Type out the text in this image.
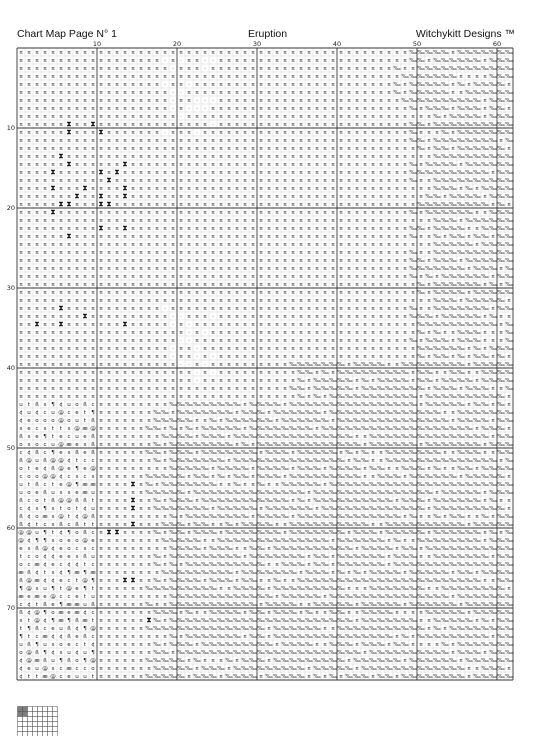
Chart Map Page N° 1	Eruption	Witchykitt Designs ™
¤ ¤ ¤ ¤ ¤ ¤ ¤ ¤ ¤ ¤ ¤ ¤ ¤ ¤ ¤ ¤ ¤ ¤ ¤ ¤ ¤ ¤ ¤ ¤ ¤ ¤ ¤ ¤ ¤ ¤ ¤ ¤ ¤ ¤ ¤ ¤ ¤ ¤ ¤ ¤ ¤ ¤ ¤ ¤ ¤ ¤ ¤ ¤ ¤ ‰ ‰ ‰ ‰ ‰ ¤ ‰ ‰ ‰ ‰ ‰ ‰ ‰
¤ ¤ ¤ ¤ ¤ ¤ ¤ ¤ ¤ ¤ ¤ ¤ ¤ ¤ ¤ ¤ ¤ ¤ · ¤ · ¤ ¤ · · ¤ ¤ ¤ ¤ ¤ ¤ ¤ ¤ ¤ ¤ ¤ ¤ ¤ ¤ ¤ ¤ ¤ ¤ ¤ ¤ ¤ ¤ ¤ ¤ ‰ ‰ ¤ ‰ ‰ ‰ ‰ ‰ ‰ ¤ ‰ ‰ ‰
¤ ¤ ¤ ¤ ¤ ¤ ¤ ¤ ¤ ¤ ¤ ¤ ¤ ¤ ¤ ¤ ¤ ¤ ¤ · ¤ ¤ ¤ · ¤ ¤ ¤ ¤ ¤ ¤ ¤ ¤ ¤ ¤ ¤ ¤ ¤ ¤ ¤ ¤ ¤ ¤ ¤ ¤ ¤ ¤ ¤ ‰ ¤ ¤ ‰ ‰ ‰ ‰ ‰ ‰ ‰ ‰ ‰ ‰ ‰ ‰
¤ ¤ ¤ ¤ ¤ ¤ ¤ ¤ ¤ ¤ ¤ ¤ ¤ ¤ ¤ ¤ ¤ ¤ ¤ ¤ ¤ ¤ ¤ ¤ ¤ ¤ ¤ ¤ ¤ ¤ ¤ ¤ ¤ ¤ ¤ ¤ ¤ ¤ ¤ ¤ ¤ ¤ ¤ ¤ ¤ ¤ ¤ ¤ ‰ ‰ ‰ ‰ ‰ ‰ ‰ ¤ ¤ ¤ ¤ ‰ ‰ ‰
¤ ¤ ¤ ¤ ¤ ¤ ¤ ¤ ¤ ¤ ¤ ¤ ¤ ¤ ¤ ¤ ¤ ¤ · ¤ ¤ · ¤ ¤ ¤ ¤ ¤ ¤ ¤ ¤ ¤ ¤ ¤ ¤ ¤ ¤ ¤ ¤ ¤ ¤ ¤ ¤ ¤ ¤ ¤ ¤ ¤ ‰ ¤ ‰ ‰ ‰ ‰ ‰ ¤ ‰ ¤ ‰ ‰ ‰ ‰ ¤
¤ ¤ ¤ ¤ ¤ ¤ ¤ ¤ ¤ ¤ ¤ ¤ ¤ ¤ ¤ ¤ ¤ ¤ ¤ · · ¤ ¤ ¤ ¤ ¤ ¤ ¤ ¤ ¤ ¤ ¤ ¤ ¤ ¤ ¤ ¤ ¤ ¤ ¤ ¤ ¤ ¤ ¤ ¤ ¤ ¤ ‰ ¤ ‰ ‰ ‰ ‰ ‰ ¤ ¤ ‰ ‰ ‰ ‰ ‰ ‰
¤ ¤ ¤ ¤ ¤ ¤ ¤ ¤ ¤ ¤ ¤ ¤ ¤ ¤ ¤ ¤ ¤ ¤ ¤ · ¤ ¤ · · · ¤ ¤ ¤ ¤ ¤ ¤ ¤ ¤ ¤ ¤ ¤ ¤ ¤ ¤ ¤ ¤ ¤ ¤ ¤ ¤ ¤ ¤ ¤ ‰ ‰ ‰ ‰ ‰ ‰ ‰ ‰ ‰ ‰ ¤ ‰ ‰ ‰
¤ ¤ ¤ ¤ ¤ ¤ ¤ ¤ ¤ ¤ ¤ ¤ ¤ ¤ ¤ ¤ ¤ ¤ ¤ · ¤ · · · ¤ ¤ ¤ ¤ ¤ ¤ ¤ ¤ ¤ ¤ ¤ ¤ ¤ ¤ ¤ ¤ ¤ ¤ ¤ ¤ ¤ ¤ ¤ ¤ ¤ ‰ ¤ ‰ ‰ ‰ ¤ ‰ ‰ ‰ ¤ ‰ ‰ ¤
¤ ¤ ¤ ¤ ¤ ¤ ¤ ¤ ¤ ¤ ¤ ¤ ¤ ¤ ¤ ¤ ¤ ¤ ¤ ¤ · ¤ ¤ ¤ ¤ ¤ ¤ ¤ ¤ ¤ ¤ ¤ ¤ ¤ ¤ ¤ ¤ ¤ ¤ ¤ ¤ ¤ ¤ ¤ ¤ ¤ ¤ ¤ ¤ ¤ ¤ ¤ ‰ ¤ ‰ ‰ ‰ ‰ ¤ ‰ ‰ ‰
¤ ¤ ¤ ¤ ¤ ¤ ⧗ ¤ ¤ ⧗ ¤ ¤ ¤ ¤ ¤ ¤ ¤ ¤ ¤ ¤ ¤ ¤ ¤ ¤ · ¤ ¤ ¤ ¤ ¤ ¤ ¤ ¤ ¤ ¤ ¤ ¤ ¤ ¤ ¤ ¤ ¤ ¤ ¤ ¤ ¤ ¤ ¤ ¤ ‰ ‰ ¤ ‰ ‰ ‰ ‰ ‰ ‰ ‰ ‰ ‰ ‰
¤ ¤ ¤ ¤ ¤ ¤ ⧗ ¤ ¤ ¤ ⧗ ¤ ¤ ¤ ¤ ¤ ¤ ¤ · ¤ ¤ ¤ · ¤ ¤ ¤ ¤ ¤ ¤ ¤ ¤ ¤ ¤ ¤ ¤ ¤ ¤ ¤ ¤ ¤ ¤ ¤ ¤ ¤ ¤ ¤ ¤ ¤ ¤ ‰ ¤ ¤ ¤ ‰ ¤ ‰ ‰ ‰ ‰ ‰ ‰ ‰
¤ ¤ ¤ ¤ ¤ ¤ ¤ ¤ ¤ ¤ ¤ ¤ ¤ ¤ ¤ ¤ ¤ ¤ ¤ ¤ ¤ ¤ ¤ ¤ ¤ ¤ ¤ ¤ ¤ ¤ ¤ ¤ ¤ ¤ ¤ ¤ ¤ ¤ ¤ ¤ ¤ ¤ ¤ ¤ ¤ ¤ ¤ ¤ ¤ ‰ ‰ ¤ ‰ ‰ ‰ ‰ ‰ ‰ ‰ ‰ ¤ ‰
¤ ¤ ¤ ¤ ¤ ¤ ¤ ¤ ¤ ¤ ¤ ¤ ¤ ¤ ¤ ¤ ¤ ¤ ¤ ¤ ¤ ¤ ¤ ¤ ¤ ¤ ¤ ¤ ¤ ¤ ¤ ¤ ¤ ¤ ¤ ¤ ¤ ¤ ¤ ¤ ¤ ¤ ¤ ¤ ¤ ¤ ¤ ¤ ¤ ¤ ‰ ¤ ‰ ‰ ¤ ‰ ‰ ‰ ‰ ‰ ‰ ¤
¤ ¤ ¤ ¤ ¤ ⧗ ¤ ¤ ¤ ¤ ¤ ¤ ¤ ¤ ¤ ¤ ¤ ¤ ¤ ¤ ¤ ¤ ¤ ¤ ¤ ¤ ¤ ¤ ¤ ¤ ¤ ¤ ¤ ¤ ¤ ¤ ¤ ¤ ¤ ¤ ¤ ¤ ¤ ¤ ¤ ¤ ¤ ¤ ¤ ¤ ¤ ¤ ‰ ‰ ‰ ‰ ‰ ‰ ‰ ‰ ‰ ‰
¤ ¤ ¤ ¤ ¤ ¤ ⧗ ¤ ¤ ¤ ¤ ¤ ¤ ⧗ ¤ ¤ ¤ ¤ ¤ ¤ ¤ ¤ ¤ ¤ ¤ ¤ ¤ ¤ ¤ ¤ ¤ ¤ ¤ ¤ ¤ ¤ ¤ ¤ ¤ ¤ ¤ ¤ ¤ ¤ ¤ ¤ ¤ ¤ ¤ ‰ ¤ ‰ ‰ ‰ ‰ ¤ ‰ ‰ ‰ ‰ ‰ ‰
¤ ¤ ¤ ¤ ⧗ ¤ ¤ ¤ ¤ ¤ ⧗ ¤ ⧗ ¤ ¤ ¤ ¤ ¤ ¤ ¤ ¤ ¤ ¤ ¤ ¤ ¤ ¤ ¤ ¤ ¤ ¤ ¤ ¤ ¤ ¤ ¤ ¤ ¤ ¤ ¤ ¤ ¤ ¤ ¤ ¤ ¤ ¤ ¤ ¤ ‰ ‰ ‰ ‰ ‰ ‰ ‰ ‰ ‰ ‰ ¤ ‰ ‰
¤ ¤ ¤ ¤ ¤ ¤ ¤ ¤ ¤ ¤ ¤ ⧗ ¤ ¤ ¤ ¤ ¤ ¤ ¤ ¤ ¤ ¤ ¤ ¤ ¤ ¤ ¤ ¤ ¤ ¤ ¤ ¤ ¤ ¤ ¤ ¤ ¤ ¤ ¤ ¤ ¤ ¤ ¤ ¤ ¤ ¤ ¤ ¤ ¤ ‰ ¤ ¤ ‰ ‰ ‰ ‰ ‰ ‰ ‰ ‰ ‰ ‰
¤ ¤ ¤ ¤ ⧗ ¤ ¤ ¤ ⧗ ¤ ¤ ¤ ¤ ⧗ ¤ ¤ ¤ ¤ ¤ ¤ ¤ ¤ ¤ ¤ ¤ ¤ ¤ ¤ ¤ ¤ ¤ ¤ ¤ ¤ ¤ ¤ ¤ ¤ ¤ ¤ ¤ ¤ ¤ ¤ ¤ ¤ ¤ ¤ ¤ ¤ ¤ ¤ ‰ ‰ ‰ ¤ ‰ ¤ ‰ ‰ ‰ ‰
¤ ¤ ¤ ¤ ¤ ¤ ¤ ⧗ ¤ ¤ ⧗ ¤ ¤ ⧗ ¤ ¤ ¤ ¤ ¤ ¤ ¤ ¤ ¤ ¤ ¤ ¤ ¤ ¤ ¤ ¤ ¤ ¤ ¤ ¤ ¤ ¤ ¤ ¤ ¤ ¤ ¤ ¤ ¤ ¤ ¤ ¤ ¤ ¤ ¤ ¤ ¤ ‰ ‰ ¤ ‰ ‰ ‰ ‰ ¤ ‰ ‰ ‰
¤ ¤ ¤ ¤ ¤ ⧗ ⧗ ¤ ¤ ¤ ⧗ ⧗ ¤ ¤ ¤ ¤ ¤ ¤ ¤ ¤ ¤ ¤ ¤ ¤ ¤ ¤ ¤ ¤ ¤ ¤ ¤ ¤ ¤ ¤ ¤ ¤ ¤ ¤ ¤ ¤ ¤ ¤ ¤ ¤ ¤ ¤ ¤ ¤ ¤ ¤ ‰ ‰ ‰ ‰ ‰ ‰ ‰ ‰ ‰ ¤ ‰ ¤
¤ ¤ ¤ ¤ ⧗ ¤ ¤ ¤ ¤ ¤ ¤ ¤ ¤ ¤ ¤ ¤ ¤ ¤ ¤ ¤ ¤ ¤ ¤ ¤ ¤ ¤ ¤ ¤ ¤ ¤ ¤ ¤ ¤ ¤ ¤ ¤ ¤ ¤ ¤ ¤ ¤ ¤ ¤ ¤ ¤ ¤ ¤ ¤ ¤ ‰ ¤ ‰ ‰ ‰ ‰ ‰ ‰ ¤ ¤ ‰ ‰ ‰
¤ ¤ ¤ ¤ ¤ ¤ ¤ ¤ ¤ ¤ ¤ ¤ ¤ ¤ ¤ ¤ ¤ ¤ ¤ ¤ ¤ ¤ ¤ ¤ ¤ ¤ ¤ ¤ ¤ ¤ ¤ ¤ ¤ ¤ ¤ ¤ ¤ ¤ ¤ ¤ ¤ ¤ ¤ ¤ ¤ ¤ ¤ ¤ ¤ ¤ ¤ ¤ ‰ ‰ ‰ ¤ ‰ ‰ ‰ ‰ ‰ ‰
¤ ¤ ¤ ¤ ¤ ¤ ¤ ¤ ¤ ¤ ⧗ ¤ ¤ ⧗ ¤ ¤ ¤ ¤ ¤ ¤ ¤ ¤ ¤ ¤ ¤ ¤ ¤ ¤ ¤ ¤ ¤ ¤ ¤ ¤ ¤ ¤ ¤ ¤ ¤ ¤ ¤ ¤ ¤ ¤ ¤ ¤ ¤ ¤ ¤ ‰ ‰ ¤ ‰ ‰ ‰ ‰ ¤ ¤ ‰ ‰ ‰ ‰
¤ ¤ ¤ ¤ ¤ ¤ ⧗ ¤ ¤ ¤ ¤ ¤ ¤ ¤ ¤ ¤ ¤ ¤ ¤ ¤ ¤ ¤ ¤ ¤ ¤ ¤ ¤ ¤ ¤ ¤ ¤ ¤ ¤ ¤ ¤ ¤ ¤ ¤ ¤ ¤ ¤ ¤ ¤ ¤ ¤ ¤ ¤ ¤ ¤ ‰ ¤ ¤ ‰ ¤ ‰ ‰ ¤ ‰ ‰ ¤ ‰ ‰
¤ ¤ ¤ ¤ ¤ ¤ ¤ ¤ ¤ ¤ ¤ ¤ ¤ ¤ ¤ ¤ ¤ ¤ ¤ ¤ ¤ ¤ ¤ ¤ ¤ ¤ ¤ ¤ ¤ ¤ ¤ ¤ ¤ ¤ ¤ ¤ ¤ ¤ ¤ ¤ ¤ ¤ ¤ ¤ ¤ ¤ ¤ ¤ ¤ ¤ ¤ ¤ ‰ ‰ ‰ ‰ ‰ ¤ ‰ ‰ ‰ ‰
¤ ¤ ¤ ¤ ¤ ¤ ¤ ¤ ¤ ¤ ¤ ¤ ¤ ¤ ¤ ¤ ¤ ¤ ¤ ¤ ¤ ¤ ¤ ¤ ¤ ¤ ¤ ¤ ¤ ¤ ¤ ¤ ¤ ¤ ¤ ¤ ¤ ¤ ¤ ¤ ¤ ¤ ¤ ¤ ¤ ¤ ¤ ¤ ¤ ‰ ¤ ¤ ‰ ‰ ‰ ‰ ‰ ‰ ‰ ‰ ‰ ‰
¤ ¤ ¤ ¤ ¤ ¤ ¤ ¤ ¤ ¤ ¤ ¤ ¤ ¤ ¤ ¤ ¤ ¤ ¤ ¤ ¤ ¤ ¤ ¤ ¤ ¤ ¤ ¤ ¤ ¤ ¤ ¤ ¤ ¤ ¤ ¤ ¤ ¤ ¤ ¤ ¤ ¤ ¤ ¤ ¤ ¤ ¤ ¤ ¤ ‰ ‰ ¤ ‰ ‰ ‰ ¤ ‰ ‰ ‰ ‰ ‰ ‰
¤ ¤ ¤ ¤ ¤ ¤ ¤ ¤ ¤ ¤ ¤ ¤ ¤ ¤ ¤ ¤ ¤ ¤ ¤ ¤ ¤ ¤ ¤ ¤ ¤ ¤ ¤ ¤ ¤ ¤ ¤ ¤ ¤ ¤ ¤ ¤ ¤ ¤ ¤ ¤ ¤ ¤ ¤ ¤ ¤ ¤ ¤ ¤ ¤ ‰ ‰ ‰ ‰ ‰ ‰ ‰ ¤ ‰ ‰ ‰ ¤ ‰
¤ ¤ ¤ ¤ ¤ ¤ ¤ ¤ ¤ ¤ ¤ ¤ ¤ ¤ ¤ ¤ ¤ ¤ ¤ ¤ ¤ ¤ ¤ ¤ ¤ ¤ ¤ ¤ ¤ ¤ ¤ ¤ ¤ ¤ ¤ ¤ ¤ ¤ ¤ ¤ ¤ ¤ ¤ ¤ ¤ ¤ ¤ ¤ ¤ ‰ ¤ ‰ ¤ ‰ ‰ ‰ ‰ ‰ ‰ ¤ ‰ ‰
¤ ¤ ¤ ¤ ¤ ¤ ¤ ¤ ¤ ¤ ¤ ¤ ¤ ¤ ¤ ¤ ¤ ¤ ¤ ¤ ¤ ¤ ¤ ¤ ¤ ¤ ¤ ¤ ¤ ¤ ¤ ¤ ¤ ¤ ¤ ¤ ¤ ¤ ¤ ¤ ¤ ¤ ¤ ¤ ¤ ¤ ¤ ¤ ¤ ¤ ‰ ¤ ‰ ‰ ‰ ‰ ‰ ‰ ¤ ‰ ¤ ‰
¤ ¤ ¤ ¤ ¤ ¤ ¤ ¤ ¤ ¤ ¤ ¤ ¤ ¤ ¤ ¤ ¤ ¤ ¤ ¤ ¤ ¤ ¤ ¤ ¤ ¤ ¤ ¤ ¤ ¤ ¤ ¤ ¤ ¤ ¤ ¤ ¤ ¤ ¤ ¤ ¤ ¤ ¤ ¤ ¤ ¤ ¤ ¤ ¤ ¤ ‰ ¤ ‰ ‰ ‰ ‰ ¤ ‰ ‰ ‰ ‰ ‰
¤ ¤ ¤ ¤ ¤ ¤ ¤ ¤ ¤ ¤ ¤ ¤ ¤ ¤ ¤ ¤ ¤ ¤ ¤ ¤ ¤ ¤ ¤ ¤ ¤ ¤ ¤ ¤ ¤ ¤ ¤ ¤ ¤ ¤ ¤ ¤ ¤ ¤ ¤ ¤ ¤ ¤ ¤ ¤ ¤ ¤ ¤ ¤ ¤ ¤ ¤ ¤ ‰ ‰ ‰ ¤ ‰ ‰ ‰ ‰ ‰ ¤
¤ ¤ ¤ ¤ ¤ ⧗ ¤ ¤ ¤ ¤ ¤ ¤ ¤ ¤ ¤ ¤ ¤ ¤ · ¤ ¤ ¤ ¤ ¤ ¤ ¤ ¤ ¤ ¤ ¤ ¤ ¤ ¤ ¤ ¤ ¤ ¤ ¤ ¤ ¤ ¤ ¤ ¤ ¤ ¤ ¤ ¤ ¤ ¤ ‰ ¤ ¤ ‰ ‰ ‰ ‰ ‰ ‰ ‰ ¤ ‰ ‰
¤ ¤ ¤ ¤ ¤ ¤ ¤ ¤ ⧗ ¤ ¤ ¤ ¤ ¤ ¤ ¤ ¤ ¤ ¤ · · ¤ ¤ ¤ · ¤ ¤ ¤ ¤ ¤ ¤ ¤ ¤ ¤ ¤ ¤ ¤ ¤ ¤ ¤ ¤ ¤ ¤ ¤ ¤ ¤ ¤ ¤ ¤ ‰ ‰ ‰ ¤ ‰ ‰ ‰ ‰ ‰ ¤ ‰ ¤ ¤
¤ ¤ ⧗ ¤ ¤ ⧗ ¤ ¤ ¤ ¤ ¤ ¤ ¤ ⧗ ¤ ¤ ¤ ¤ ¤ · ¤ · ¤ ¤ ¤ ¤ ¤ ¤ ¤ ¤ ¤ ¤ ¤ ¤ ¤ ¤ ¤ ¤ ¤ ¤ ¤ ¤ ¤ ¤ ¤ ¤ ¤ ¤ ¤ ¤ ‰ ‰ ‰ ‰ ‰ ‰ ‰ ‰ ‰ ‰ ¤ ‰
¤ ¤ ¤ ¤ ¤ ¤ ¤ ¤ ¤ ¤ ¤ ¤ ¤ ¤ ¤ ¤ ¤ ¤ ¤ ¤ ¤ · ¤ · ¤ ¤ ¤ ¤ ¤ ¤ ¤ ¤ ¤ ¤ ¤ ¤ ¤ ¤ ¤ ¤ ¤ ¤ ¤ ¤ ¤ ¤ ¤ ¤ ¤ ¤ ‰ ¤ ‰ ¤ ¤ ‰ ‰ ‰ ¤ ¤ ¤ ‰
¤ ¤ ¤ ¤ ¤ ¤ ¤ ¤ ¤ ¤ ¤ ¤ ¤ ¤ ¤ ¤ ¤ ¤ ¤ ¤ · · ¤ ¤ ¤ ¤ ¤ ¤ ¤ ¤ ¤ ¤ ¤ ¤ ¤ ¤ ¤ ¤ ¤ ¤ ¤ ¤ ¤ ¤ ¤ ¤ ¤ ¤ ¤ ‰ ¤ ‰ ‰ ‰ ¤ ‰ ‰ ‰ ¤ ¤ ¤ ‰
¤ ¤ ¤ ¤ ¤ ¤ ¤ ¤ ¤ ¤ ¤ ¤ ¤ ¤ ¤ ¤ ¤ ¤ ¤ · ¤ ¤ · ¤ ¤ ¤ ¤ ¤ ¤ ¤ ¤ ¤ ¤ ¤ ¤ ¤ ¤ ¤ ¤ ¤ ¤ ¤ ¤ ¤ ¤ ¤ ¤ ¤ ¤ ¤ ‰ ‰ ‰ ‰ ‰ ‰ ¤ ‰ ¤ ‰ ‰ ‰
¤ ¤ ¤ ¤ ¤ ¤ ¤ ¤ ¤ ¤ ¤ ¤ ¤ ¤ ¤ ¤ ¤ ¤ ¤ · ¤ ¤ · ¤ · ¤ ¤ ¤ ¤ ¤ ¤ ¤ ¤ ¤ ¤ ¤ ¤ ¤ ¤ ¤ ¤ ¤ ¤ ¤ ¤ ¤ ¤ ¤ ¤ ¤ ‰ ¤ ‰ ‰ ¤ ‰ ¤ ‰ ‰ ¤ ‰ ¤
¤ ¤ ¤ ¤ ¤ ¤ ¤ ¤ ¤ ¤ ¤ ¤ ¤ ¤ ¤ ¤ ¤ ¤ ¤ ¤ · · ¤ · ¤ ¤ ¤ ¤ ¤ ¤ ¤ ¤ ¤ ¤ ‰ ‰ ‰ ‰ ‰ ‰ ‰ ¤ ‰ ‰ ‰ ‰ ¤ ¤ ‰ ‰ ‰ ‰ ‰ ‰ ‰ ‰ ¤ ‰ ‰ ‰ ‰ ‰
¤ ¤ ¤ ¤ ¤ ¤ ¤ ¤ ¤ ¤ ¤ ¤ ¤ ¤ ¤ ¤ ¤ ¤ ¤ ¤ ¤ ¤ · ¤ · ¤ ¤ ¤ ¤ ¤ ¤ ¤ ¤ ¤ ¤ ‰ ‰ ¤ ‰ ¤ ‰ ‰ ‰ ‰ ‰ ‰ ‰ ‰ ‰ ¤ ‰ ‰ ¤ ¤ ‰ ‰ ¤ ¤ ‰ ‰ ‰ ‰
¤ ¤ ¤ ¤ ¤ ¤ ¤ ¤ ¤ ¤ ¤ ¤ ¤ ¤ ¤ ¤ ¤ ¤ ¤ ¤ ¤ ¤ · ¤ ¤ ¤ ¤ ¤ ¤ ¤ ¤ ¤ ¤ ¤ ¤ ‰ ¤ ‰ ‰ ‰ ‰ ‰ ¤ ‰ ¤ ‰ ‰ ‰ ‰ ¤ ‰ ‰ ¤ ‰ ‰ ‰ ‰ ¤ ‰ ‰ ‰ ‰
¤ ¤ ¤ ¤ ¤ ¤ ¤ ¤ ¤ ¤ ¤ ¤ ¤ ¤ ¤ ¤ ¤ ¤ ¤ ¤ ¤ ¤ ¤ ¤ ¤ ¤ ¤ ¤ ¤ ¤ ¤ ¤ ¤ ¤ ‰ ‰ ¤ ‰ ‰ ‰ ‰ ‰ ¤ ‰ ‰ ‰ ‰ ‰ ‰ ‰ ‰ ¤ ‰ ‰ ‰ ¤ ‰ ‰ ‰ ¤ ¤ ‰
¤ ¤ ¤ ¤ ¤ ¤ ¤ ¤ ¤ ¤ ¤ ¤ ¤ ¤ ¤ ¤ ¤ ¤ ¤ ¤ ¤ ¤ ¤ ¤ ¤ ¤ ¤ ¤ ¤ ¤ ¤ ¤ ¤ ¤ ¤ ‰ ¤ ‰ ¤ ‰ ‰ ‰ ‰ ‰ ‰ ‰ ‰ ‰ ‰ ‰ ¤ ‰ ‰ ‰ ‰ ‰ ‰ ‰ ‰ ‰ ‰ ¤
u t ß s ¶ ¢ u o ß c ¤ ¤ ¤ ¤ ¤ ¤ ¤ ¤ ¤ ‰ ‰ ‰ ‰ ‰ ‰ ‰ ‰ ‰ ¤ ‰ ‰ ‰ ‰ ¤ ‰ ‰ ‰ ‰ ‰ ‰ ‰ ‰ ‰ ‰ ‰ ‰ ‰ ‰ ‰ ‰ ¤ ‰ ‰ ‰ ‰ ‰ ¤ ‰ ‰ ¤ ‰ ¤
¢ u ¢ c u @ c e t ¶ ¤ ¤ ¤ ¤ ¤ ¤ ¤ ‰ ‰ ¤ ‰ ‰ ‰ ‰ ‰ ‰ ‰ ¤ ‰ ‰ ‰ ¤ ‰ ‰ ‰ ‰ ‰ ‰ ¤ ‰ ‰ ‰ ‰ ‰ ‰ ‰ ‰ ‰ ‰ ‰ ‰ ‰ ‰ ¤ ¤ ‰ ‰ ‰ ‰ ‰ ‰ ‰
¢ e o o o @ o u t ß ¤ ¤ ¤ ¤ ¤ ¤ ¤ ‰ ‰ ‰ ‰ ‰ ¤ ¤ ‰ ¤ ‰ ‰ ‰ ‰ ‰ ‰ ¤ ‰ ‰ ‰ ‰ ‰ ‰ ¤ ‰ ‰ ‰ ‰ ‰ ‰ ‰ ‰ ‰ ‰ ‰ ‰ ‰ ‰ ¤ ‰ ‰ ‰ ‰ ¤ ‰ ‰
s e c s t t s @ æ @ ¤ ¤ ¤ ¤ ¤ ¤ ‰ ‰ ¤ ‰ ¤ ‰ ¤ ‰ ‰ ‰ ‰ ‰ ¤ ‰ ‰ ‰ ‰ ‰ ‰ ‰ ‰ ¤ ‰ ‰ ‰ ‰ ‰ ‰ ‰ ‰ ‰ ‰ ‰ ‰ ‰ ‰ ‰ ‰ ‰ ‰ ‰ ¤ ‰ ‰ ‰ ¤
ß s e ¶ t e c u e ß ¤ ¤ ¤ ¤ ¤ ¤ ¤ ¤ ‰ ‰ ‰ ‰ ¤ ‰ ‰ ‰ ¤ ‰ ‰ ‰ ‰ ‰ ‰ ‰ ‰ ‰ ‰ ‰ ‰ ‰ ‰ ‰ ¤ ¤ ‰ ‰ ‰ ‰ ‰ ‰ ‰ ‰ ‰ ‰ ‰ ‰ ‰ ‰ ‰ ¤ ‰ ‰
o s o c u @ æ e s ß ¤ ¤ ¤ ¤ ¤ ¤ ¤ ‰ ¤ ‰ ‰ ‰ ‰ ‰ ‰ ‰ ‰ ¤ ‰ ¤ ‰ ‰ ‰ ‰ ‰ ‰ ‰ ‰ ‰ ‰ ‰ ‰ ‰ ¤ ‰ ‰ ‰ ‰ ‰ ‰ ¤ ‰ ‰ ‰ ‰ ‰ ‰ ‰ ¤ ‰ ‰ ‰
c ¢ ß c ¶ e s ß e ß ¤ ¤ ¤ ¤ ¤ ¤ ‰ ‰ ¤ ‰ ‰ ‰ ¤ ‰ ‰ ‰ ‰ ‰ ‰ ‰ ¤ ‰ ‰ ‰ ¤ ‰ ‰ ‰ ‰ ‰ ¤ ‰ ¤ ‰ ¤ ¤ ‰ ‰ ‰ ‰ ‰ ‰ ‰ ¤ ¤ ‰ ‰ ‰ ¤ ¤ ‰ ‰
ß @ u ß @ @ ¢ t c c ¤ ¤ ¤ ¤ ¤ ¤ ¤ ‰ ¤ ‰ ‰ ‰ ‰ ‰ ‰ ‰ ¤ ‰ ‰ ‰ ‰ ‰ ‰ ‰ ‰ ‰ ‰ ‰ ‰ ‰ ‰ ¤ ‰ ‰ ¤ ¤ ‰ ‰ ‰ ‰ ‰ ‰ ‰ ‰ ‰ ‰ ‰ ‰ ‰ ‰ ¤ ‰
o t e ¢ ß @ e ¶ e @ ¤ ¤ ¤ ¤ ¤ ¤ ¤ ¤ ¤ ‰ ‰ ‰ ‰ ‰ ¤ ‰ ‰ ‰ ‰ ¤ ‰ ‰ ‰ ‰ ¤ ‰ ‰ ‰ ¤ ‰ ‰ ‰ ‰ ¤ ‰ ‰ ¤ ¤ ‰ ‰ ‰ ¤ ‰ ¤ ¤ ‰ ‰ ¤ ‰ ‰ ‰ ‰
c o o @ @ ¢ c s c s ¤ ¤ ¤ ¤ ¤ ¤ ‰ ‰ ‰ ‰ ‰ ¤ ‰ ‰ ¤ ‰ ¤ ‰ ‰ ¤ ‰ ‰ ‰ ¤ ‰ ‰ ‰ ‰ ‰ ‰ ‰ ‰ ‰ ¤ ¤ ‰ ‰ ‰ ¤ ‰ ‰ ‰ ‰ ‰ ‰ ¤ ‰ ‰ ‰ ‰ ‰ ¤
u t ß c t e @ ¶ æ æ ¤ ¤ ¤ ¤ ⧗ ¤ ‰ ¤ ‰ ‰ ‰ ‰ ‰ ‰ ‰ ¤ ¤ ‰ ¤ ¤ ‰ ¤ ¤ ‰ ‰ ‰ ‰ ‰ ¤ ‰ ‰ ‰ ‰ ‰ ‰ ‰ ‰ ‰ ‰ ‰ ‰ ‰ ‰ ‰ ‰ ‰ ‰ ‰ ‰ ‰ ‰ ‰
u o e ß u s s e æ u ¤ ¤ ¤ ¤ ¤ ¤ ‰ ‰ ‰ ‰ ‰ ¤ ‰ ‰ ‰ ‰ ‰ ‰ ‰ ‰ ‰ ‰ ‰ ‰ ‰ ‰ ¤ ‰ ‰ ‰ ‰ ‰ ‰ ‰ ‰ ‰ ‰ ‰ ‰ ‰ ‰ ‰ ¤ ‰ ‰ ‰ ‰ ‰ ¤ ‰ ‰ ‰
ß c o t ß @ @ ß ß t ¤ ¤ ¤ ¤ ⧗ ¤ ¤ ‰ ¤ ‰ ‰ ‰ ¤ ‰ ‰ ‰ ‰ ‰ ‰ ‰ ‰ ‰ ‰ ‰ ¤ ‰ ¤ ‰ ‰ ‰ ‰ ‰ ‰ ‰ ‰ ‰ ‰ ¤ ‰ ‰ ‰ ¤ ‰ ‰ ‰ ‰ ‰ ‰ ¤ ‰ ¤ ¤
c ¢ s ¶ s t o t ¢ u ¤ ¤ ¤ ¤ ⧗ ¤ ¤ ‰ ‰ ‰ ‰ ‰ ‰ ‰ ¤ ‰ ‰ ‰ ‰ ‰ ¤ ‰ ‰ ‰ ‰ ‰ ‰ ¤ ‰ ‰ ‰ ‰ ‰ ‰ ‰ ‰ ‰ ‰ ‰ ‰ ‰ ¤ ‰ ‰ ‰ ‰ ‰ ‰ ‰ ‰ ‰ ¤
ß ¢ o æ s @ t ¢ @ ß ¤ ¤ ¤ ¤ ¤ ¤ ¤ ¤ ¤ ‰ ¤ ‰ ‰ ‰ ‰ ‰ ‰ ‰ ‰ ¤ ‰ ‰ ‰ ‰ ¤ ‰ ‰ ‰ ‰ ‰ ‰ ‰ ‰ ‰ ‰ ‰ ‰ ‰ ¤ ‰ ¤ ¤ ‰ ¤ ‰ ‰ ¤ ¤ ‰ ¤ ‰ ‰
ß ¢ t c s ß c ß t t ¤ ¤ ¤ ¤ ⧗ ¤ ¤ ¤ ‰ ‰ ‰ ¤ ‰ ‰ ¤ ¤ ‰ ¤ ‰ ‰ ‰ ‰ ¤ ¤ ‰ ‰ ‰ ‰ ‰ ‰ ‰ ‰ ‰ ‰ ¤ ¤ ‰ ‰ ‰ ‰ ‰ ‰ ‰ ‰ ‰ ‰ ¤ ‰ ‰ ‰ ‰ ‰
@ @ u ¶ t ¢ ¶ o ß c ¤ ⧗ ⧗ ¤ ¤ ¤ ¤ ‰ ¤ ‰ ‰ ¤ ‰ ‰ ‰ ¤ ‰ ‰ ‰ ‰ ‰ ‰ ‰ ¤ ‰ ‰ ‰ ‰ ‰ ‰ ‰ ¤ ‰ ‰ ‰ ¤ ‰ ‰ ‰ ‰ ‰ ¤ ‰ ‰ ‰ ‰ ‰ ‰ ¤ ‰ ¤ ‰
@ ¢ ¶ ¶ s o e o @ e ¤ ¤ ¤ ¤ ¤ ¤ ¤ ¤ ‰ ‰ ‰ ‰ ‰ ¤ ¤ ‰ ‰ ‰ ‰ ‰ ‰ ‰ ‰ ‰ ‰ ‰ ‰ ‰ ‰ ¤ ‰ ‰ ‰ ‰ ‰ ‰ ¤ ‰ ¤ ¤ ‰ ‰ ‰ ‰ ‰ ‰ ‰ ‰ ¤ ‰ ‰ ‰
e s ß @ ¢ e o c s c ¤ ¤ ¤ ¤ ¤ ¤ ¤ ¤ ¤ ‰ ‰ ‰ ‰ ¤ ‰ ‰ ‰ ¤ ¤ ‰ ‰ ¤ ‰ ‰ ‰ ‰ ‰ ‰ ‰ ‰ ‰ ‰ ¤ ‰ ‰ ‰ ‰ ¤ ‰ ‰ ¤ ‰ ‰ ‰ ‰ ‰ ‰ ‰ ‰ ‰ ‰ ‰
t c o ¢ ¢ e e s ß u ¤ ¤ ¤ ¤ ¤ ¤ ¤ ‰ ¤ ‰ ‰ ‰ ‰ ‰ ‰ ‰ ‰ ‰ ¤ ‰ ‰ ‰ ‰ ‰ ‰ ‰ ¤ ‰ ‰ ¤ ‰ ‰ ‰ ‰ ‰ ‰ ¤ ‰ ‰ ‰ ¤ ¤ ‰ ‰ ‰ ‰ ‰ ‰ ‰ ¤ ‰ ‰
o c æ ¢ e c ¢ ¢ t c ¤ ¤ ¤ ¤ ¤ ¤ ¤ ‰ ¤ ‰ ¤ ‰ ‰ ‰ ‰ ‰ ‰ ‰ ‰ ‰ ‰ ¤ ¤ ‰ ‰ ‰ ¤ ‰ ‰ ¤ ‰ ‰ ‰ ‰ ‰ ‰ ¤ ‰ ‰ ‰ ‰ ‰ ‰ ‰ ‰ ‰ ‰ ‰ ‰ ‰ ‰ ‰
æ ß ¢ t s ¢ ¶ æ ¶ æ ¤ ¤ ¤ ¤ ¤ ¤ ¤ ¤ ‰ ‰ ‰ ‰ ‰ ‰ ‰ ‰ ‰ ¤ ‰ ‰ ‰ ‰ ‰ ‰ ‰ ¤ ‰ ‰ ‰ ¤ ‰ ¤ ‰ ¤ ‰ ‰ ‰ ‰ ¤ ‰ ‰ ‰ ‰ ‰ ¤ ‰ ‰ ¤ ‰ ‰ ‰ ‰
ß @ æ ¢ ¢ e c t @ ¶ ¤ ¤ ¤ ⧗ ⧗ ¤ ¤ ‰ ¤ ‰ ‰ ‰ ‰ ¤ ‰ ‰ ‰ ¤ ‰ ‰ ¤ ¤ ‰ ¤ ¤ ‰ ‰ ‰ ‰ ‰ ‰ ‰ ‰ ‰ ‰ ‰ ‰ ‰ ‰ ‰ ‰ ‰ ‰ ‰ ‰ ‰ ‰ ‰ ¤ ¤ ‰ ‰
¶ @ s u ¶ t @ e ¶ t ¤ ¤ ¤ ¤ ¤ ¤ ‰ ‰ ‰ ‰ ‰ ‰ ‰ ‰ ‰ ¤ ¤ ‰ ‰ ‰ ‰ ¤ ‰ ‰ ‰ ‰ ‰ ‰ ‰ ‰ ‰ ¤ ¤ ¤ ‰ ‰ ‰ ‰ ‰ ‰ ‰ ¤ ¤ ‰ ‰ ‰ ‰ ‰ ‰ ‰ ‰ ¤
æ e æ e @ c c e t u ¤ ¤ ¤ ¤ ¤ ¤ ¤ ¤ ¤ ‰ ‰ ‰ ‰ ‰ ‰ ‰ ‰ ‰ ‰ ‰ ‰ ‰ ¤ ‰ ‰ ‰ ‰ ‰ ¤ ‰ ‰ ‰ ‰ ‰ ‰ ‰ ‰ ‰ ‰ ‰ ‰ ‰ ‰ ‰ ¤ ‰ ‰ ‰ ‰ ‰ ‰ ‰
c ¢ t ß e ¶ æ æ u ß ¤ ¤ ¤ ¤ ¤ ¤ ‰ ¤ ¤ ‰ ‰ ‰ ‰ ‰ ‰ ‰ ‰ ‰ ‰ ‰ ¤ ‰ ‰ ‰ ‰ ¤ ¤ ‰ ‰ ‰ ‰ ‰ ¤ ‰ ‰ ‰ ‰ ‰ ¤ ‰ ‰ ‰ ‰ ‰ ‰ ¤ ‰ ‰ ‰ ‰ ‰ ‰
ß ¢ @ ¶ o æ e æ ¢ c ¤ ¤ ¤ ¤ ¤ ¤ ¤ ‰ ‰ ‰ ¤ ‰ ¤ ¤ ‰ ‰ ‰ ‰ ¤ ‰ ‰ ¤ ‰ ‰ ‰ ¤ ‰ ¤ ¤ ‰ ‰ ¤ ¤ ‰ ‰ ‰ ‰ ¤ ¤ ¤ ¤ ‰ ‰ ‰ ‰ ‰ ¤ ‰ ‰ ‰ ‰ ‰
s t @ ¢ ¶ æ ¶ ß æ t ¤ ¤ ¤ ¤ ¤ ¤ ⧗ ‰ ¤ ‰ ‰ ‰ ‰ ‰ ‰ ‰ ‰ ‰ ‰ ‰ ‰ ‰ ‰ ‰ ‰ ‰ ‰ ‰ ‰ ‰ ‰ ‰ ¤ ‰ ‰ ‰ ‰ ‰ ‰ ‰ ¤ ¤ ‰ ‰ ‰ ‰ ‰ ¤ ‰ ¤ ‰ ‰
t ¶ ß c e u ß ¢ ¶ @ ¤ ¤ ¤ ¤ ¤ ¤ ‰ ‰ ‰ ‰ ‰ ‰ ‰ ‰ ‰ ‰ ‰ ‰ ‰ ‰ ‰ ¤ ‰ ‰ ‰ ‰ ‰ ‰ ¤ ¤ ‰ ‰ ‰ ‰ ‰ ‰ ‰ ‰ ‰ ‰ ‰ ¤ ‰ ¤ ‰ ‰ ‰ ‰ ‰ ‰ ‰ ‰
¶ t c æ ¢ ¢ ß e ß c ¤ ¤ ¤ ¤ ¤ ¤ ¤ ¤ ¤ ‰ ¤ ‰ ‰ ‰ ‰ ‰ ‰ ‰ ¤ ‰ ‰ ¤ ‰ ‰ ‰ ‰ ‰ ‰ ‰ ‰ ‰ ‰ ‰ ‰ ‰ ‰ ‰ ¤ ‰ ¤ ‰ ‰ ‰ ‰ ‰ ‰ ‰ ‰ ‰ ¤ ‰ ‰
u ß ¶ u s o e c t ¢ ¤ ¤ ¤ ¤ ¤ ¤ ¤ ‰ ¤ ‰ ‰ ‰ ¤ ‰ ‰ ‰ ‰ ‰ ‰ ‰ ‰ ‰ ¤ ‰ ‰ ‰ ‰ ¤ ¤ ‰ ‰ ‰ ¤ ‰ ‰ ‰ ¤ ‰ ‰ ¤ ¤ ¤ ¤ ‰ ¤ ‰ ‰ ‰ ‰ ‰ ‰ ‰
o @ ß ¶ ¢ s u ¢ u ¶ ¤ ¤ ¤ ¤ ¤ ¤ ¤ ‰ ‰ ¤ ‰ ‰ ‰ ‰ ‰ ‰ ‰ ‰ ‰ ‰ ‰ ‰ ‰ ‰ ‰ ‰ ‰ ‰ ‰ ‰ ‰ ‰ ‰ ¤ ‰ ‰ ‰ ‰ ‰ ‰ ‰ ‰ ‰ ‰ ¤ ‰ ‰ ‰ ¤ ‰ ‰ ‰
¢ @ æ ß u ¶ ß o ¶ @ ¤ ¤ ¤ ¤ ¤ ¤ ‰ ‰ ‰ ‰ ‰ ¤ ‰ ¤ ¤ ¤ ‰ ¤ ‰ ‰ ‰ ¤ ‰ ‰ ‰ ‰ ‰ ‰ ‰ ‰ ‰ ¤ ‰ ‰ ‰ ‰ ‰ ‰ ¤ ‰ ‰ ‰ ‰ ‰ ‰ ¤ ‰ ‰ ‰ ‰ ‰ ‰
¢ e u @ s c æ c c o ¤ ¤ ¤ ¤ ¤ ¤ ¤ ‰ ‰ ‰ ‰ ‰ ¤ ‰ ‰ ‰ ¤ ‰ ‰ ‰ ‰ ‰ ‰ ‰ ‰ ‰ ¤ ‰ ‰ ‰ ‰ ‰ ¤ ‰ ‰ ‰ ‰ ‰ ‰ ‰ ‰ ‰ ‰ ‰ ‰ ‰ ¤ ¤ ‰ ‰ ‰ ¤
¢ t t æ @ c e u u t ¤ ¤ ¤ ¤ ¤ ¤ ‰ ‰ ‰ ‰ ‰ ¤ ‰ ‰ ‰ ¤ ‰ ‰ ‰ ‰ ¤ ‰ ‰ ‰ ‰ ‰ ¤ ‰ ¤ ‰ ¤ ‰ ‰ ‰ ¤ ‰ ‰ ¤ ‰ ‰ ‰ ‰ ‰ ‰ ‰ ‰ ¤ ‰ ‰ ‰ ‰ ‰
10	20	30	40	50	60
10
20
30
40
50
60
70
